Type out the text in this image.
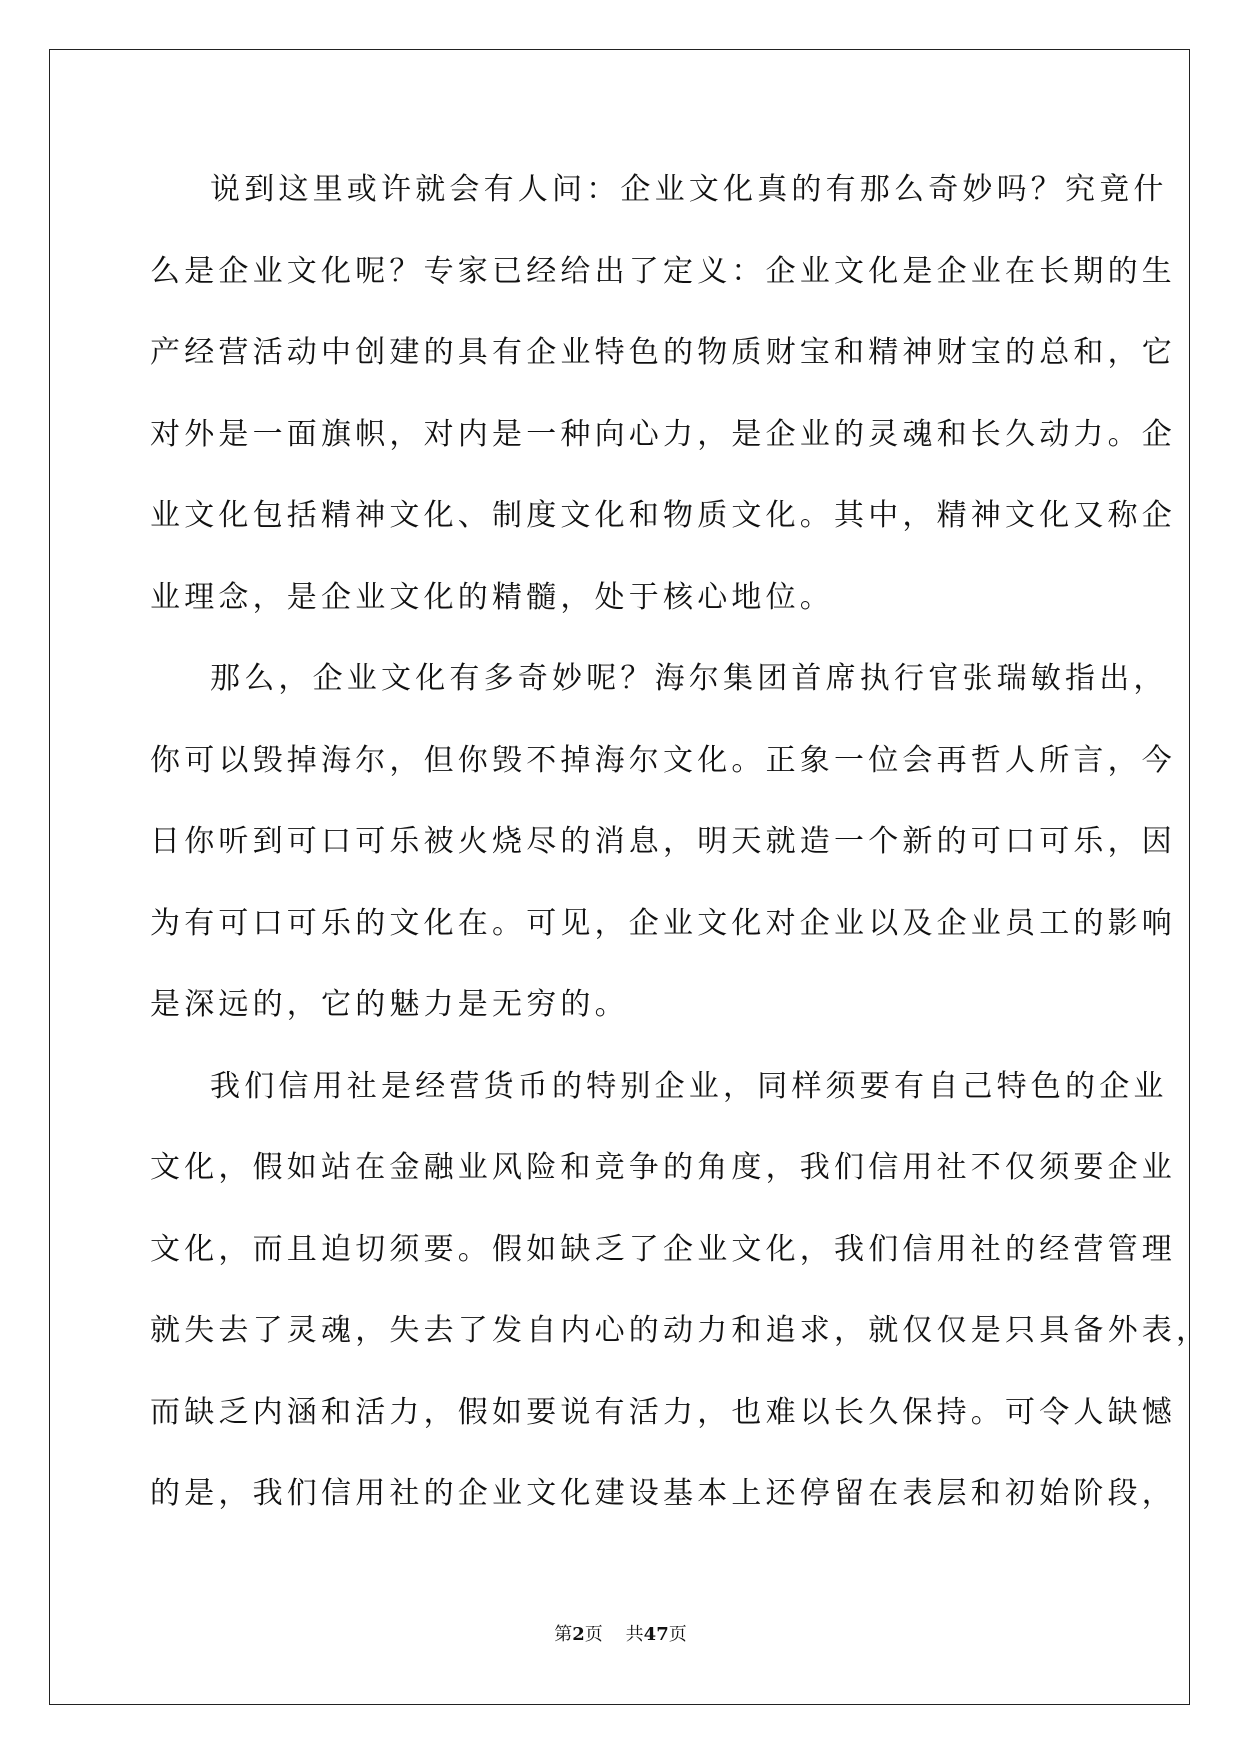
说到这里或许就会有人问：企业文化真的有那么奇妙吗？究竟什
么是企业文化呢？专家已经给出了定义：企业文化是企业在长期的生
产经营活动中创建的具有企业特色的物质财宝和精神财宝的总和，它
对外是一面旗帜，对内是一种向心力，是企业的灵魂和长久动力。企
业文化包括精神文化、制度文化和物质文化。其中，精神文化又称企
业理念，是企业文化的精髓，处于核心地位。
那么，企业文化有多奇妙呢？海尔集团首席执行官张瑞敏指出，
你可以毁掉海尔，但你毁不掉海尔文化。正象一位会再哲人所言，今
日你听到可口可乐被火烧尽的消息，明天就造一个新的可口可乐，因
为有可口可乐的文化在。可见，企业文化对企业以及企业员工的影响
是深远的，它的魅力是无穷的。
我们信用社是经营货币的特别企业，同样须要有自己特色的企业
文化，假如站在金融业风险和竞争的角度，我们信用社不仅须要企业
文化，而且迫切须要。假如缺乏了企业文化，我们信用社的经营管理
就失去了灵魂，失去了发自内心的动力和追求，就仅仅是只具备外表，
而缺乏内涵和活力，假如要说有活力，也难以长久保持。可令人缺憾
的是，我们信用社的企业文化建设基本上还停留在表层和初始阶段，
第2页 共47页
